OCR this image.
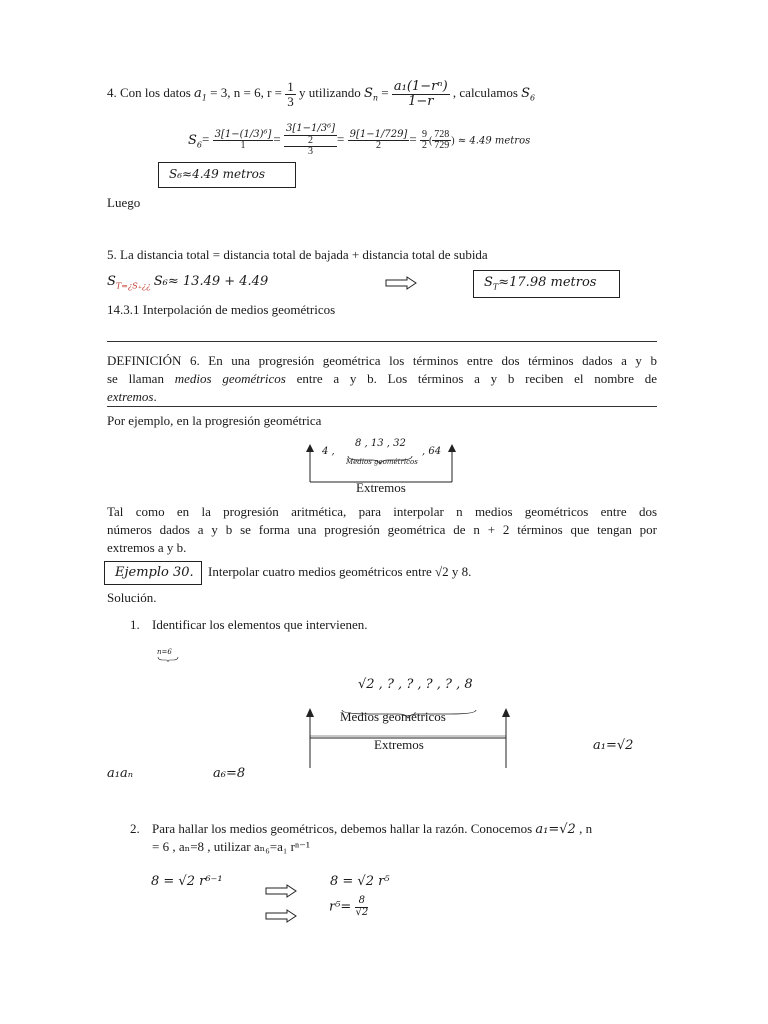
4. Con los datos $a_1 = 3$, n = 6, $r = \frac{1}{3}$ y utilizando $S_n = \frac{\text{a₁(1−rⁿ)}}{1-r}$ , calculamos $S_6$
$S_6= \frac{\text{3[1−(1/3)⁶]}}{1} = 3[1-1/3^6]$
2
$3 = \frac{9[1-1/729]}{2} = \frac{9}{2}$ ( $\frac{728}{729}$ ) ≈ 4.49 metros
S₆≈4.49 metros
Luego
5. La distancia total = distancia total de bajada + distancia total de subida
$S_{T=¿S_+¿¿}$ S₆≈ 13.49 + 4.49	$S_T\approx 17.98$ metros
14.3.1 Interpolación de medios geométricos
DEFINICIÓN 6. En una progresión geométrica los términos entre dos términos dados a y b
se llaman medios geométricos entre a y b. Los términos a y b reciben el nombre de
extremos.
Por ejemplo, en la progresión geométrica
4 ,
8 , 13 , 32
Medios geométricos
, 64
Extremos
Tal como en la progresión aritmética, para interpolar n medios geométricos entre dos
números dados a y b se forma una progresión geométrica de n + 2 términos que tengan por
extremos a y b.
Ejemplo 30. Interpolar cuatro medios geométricos entre √2 y 8.
Solución.
1. Identificar los elementos que intervienen.
n=6
√2 , ? , ? , ? , ? , 8
Medios geométricos
Extremos	a₁=√2
a₁aₙ	a₆=8
2. Para hallar los medios geométricos, debemos hallar la razón. Conocemos a₁=√2 , n
= 6 , aₙ=8 , utilizar aₙ₆=a₁ rⁿ⁻¹
8 = √2 r⁶⁻¹	8 = √2 r⁵
$r^5= \frac{8}{√2}$
